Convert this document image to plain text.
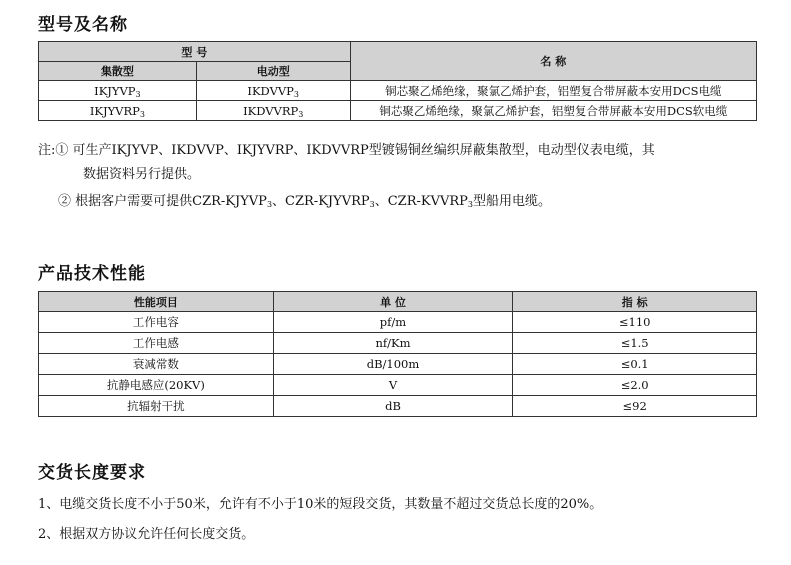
型号及名称
型 号		名 称
集散型	电动型	
$IKJYVP_3$	$IKDVVP_3$	铜芯聚乙烯绝缘，聚氯乙烯护套，铝塑复合带屏蔽本安用DCS电缆
$IKJYVRP_3$	$IKDVVRP_3$	铜芯聚乙烯绝缘，聚氯乙烯护套，铝塑复合带屏蔽本安用DCS软电缆

注:① 可生产IKJYVP、IKDVVP、IKJYVRP、IKDVVRP型镀锡铜丝编织屏蔽集散型，电动型仪表电缆，其

数据资料另行提供。

② 根据客户需要可提供CZR-$KJYVP_3$、CZR-$KJYVRP_3$、CZR-$KVVRP_3$型船用电缆。

产品技术性能
性能项目	单 位	指 标
工作电容	pf/m	≤110
工作电感	nf/Km	≤1.5
衰减常数	dB/100m	≤0.1
抗静电感应(20KV)	V	≤2.0
抗辐射干扰	dB	≤92
交货长度要求

1、电缆交货长度不小于50米，允许有不小于10米的短段交货，其数量不超过交货总长度的20%。

2、根据双方协议允许任何长度交货。
